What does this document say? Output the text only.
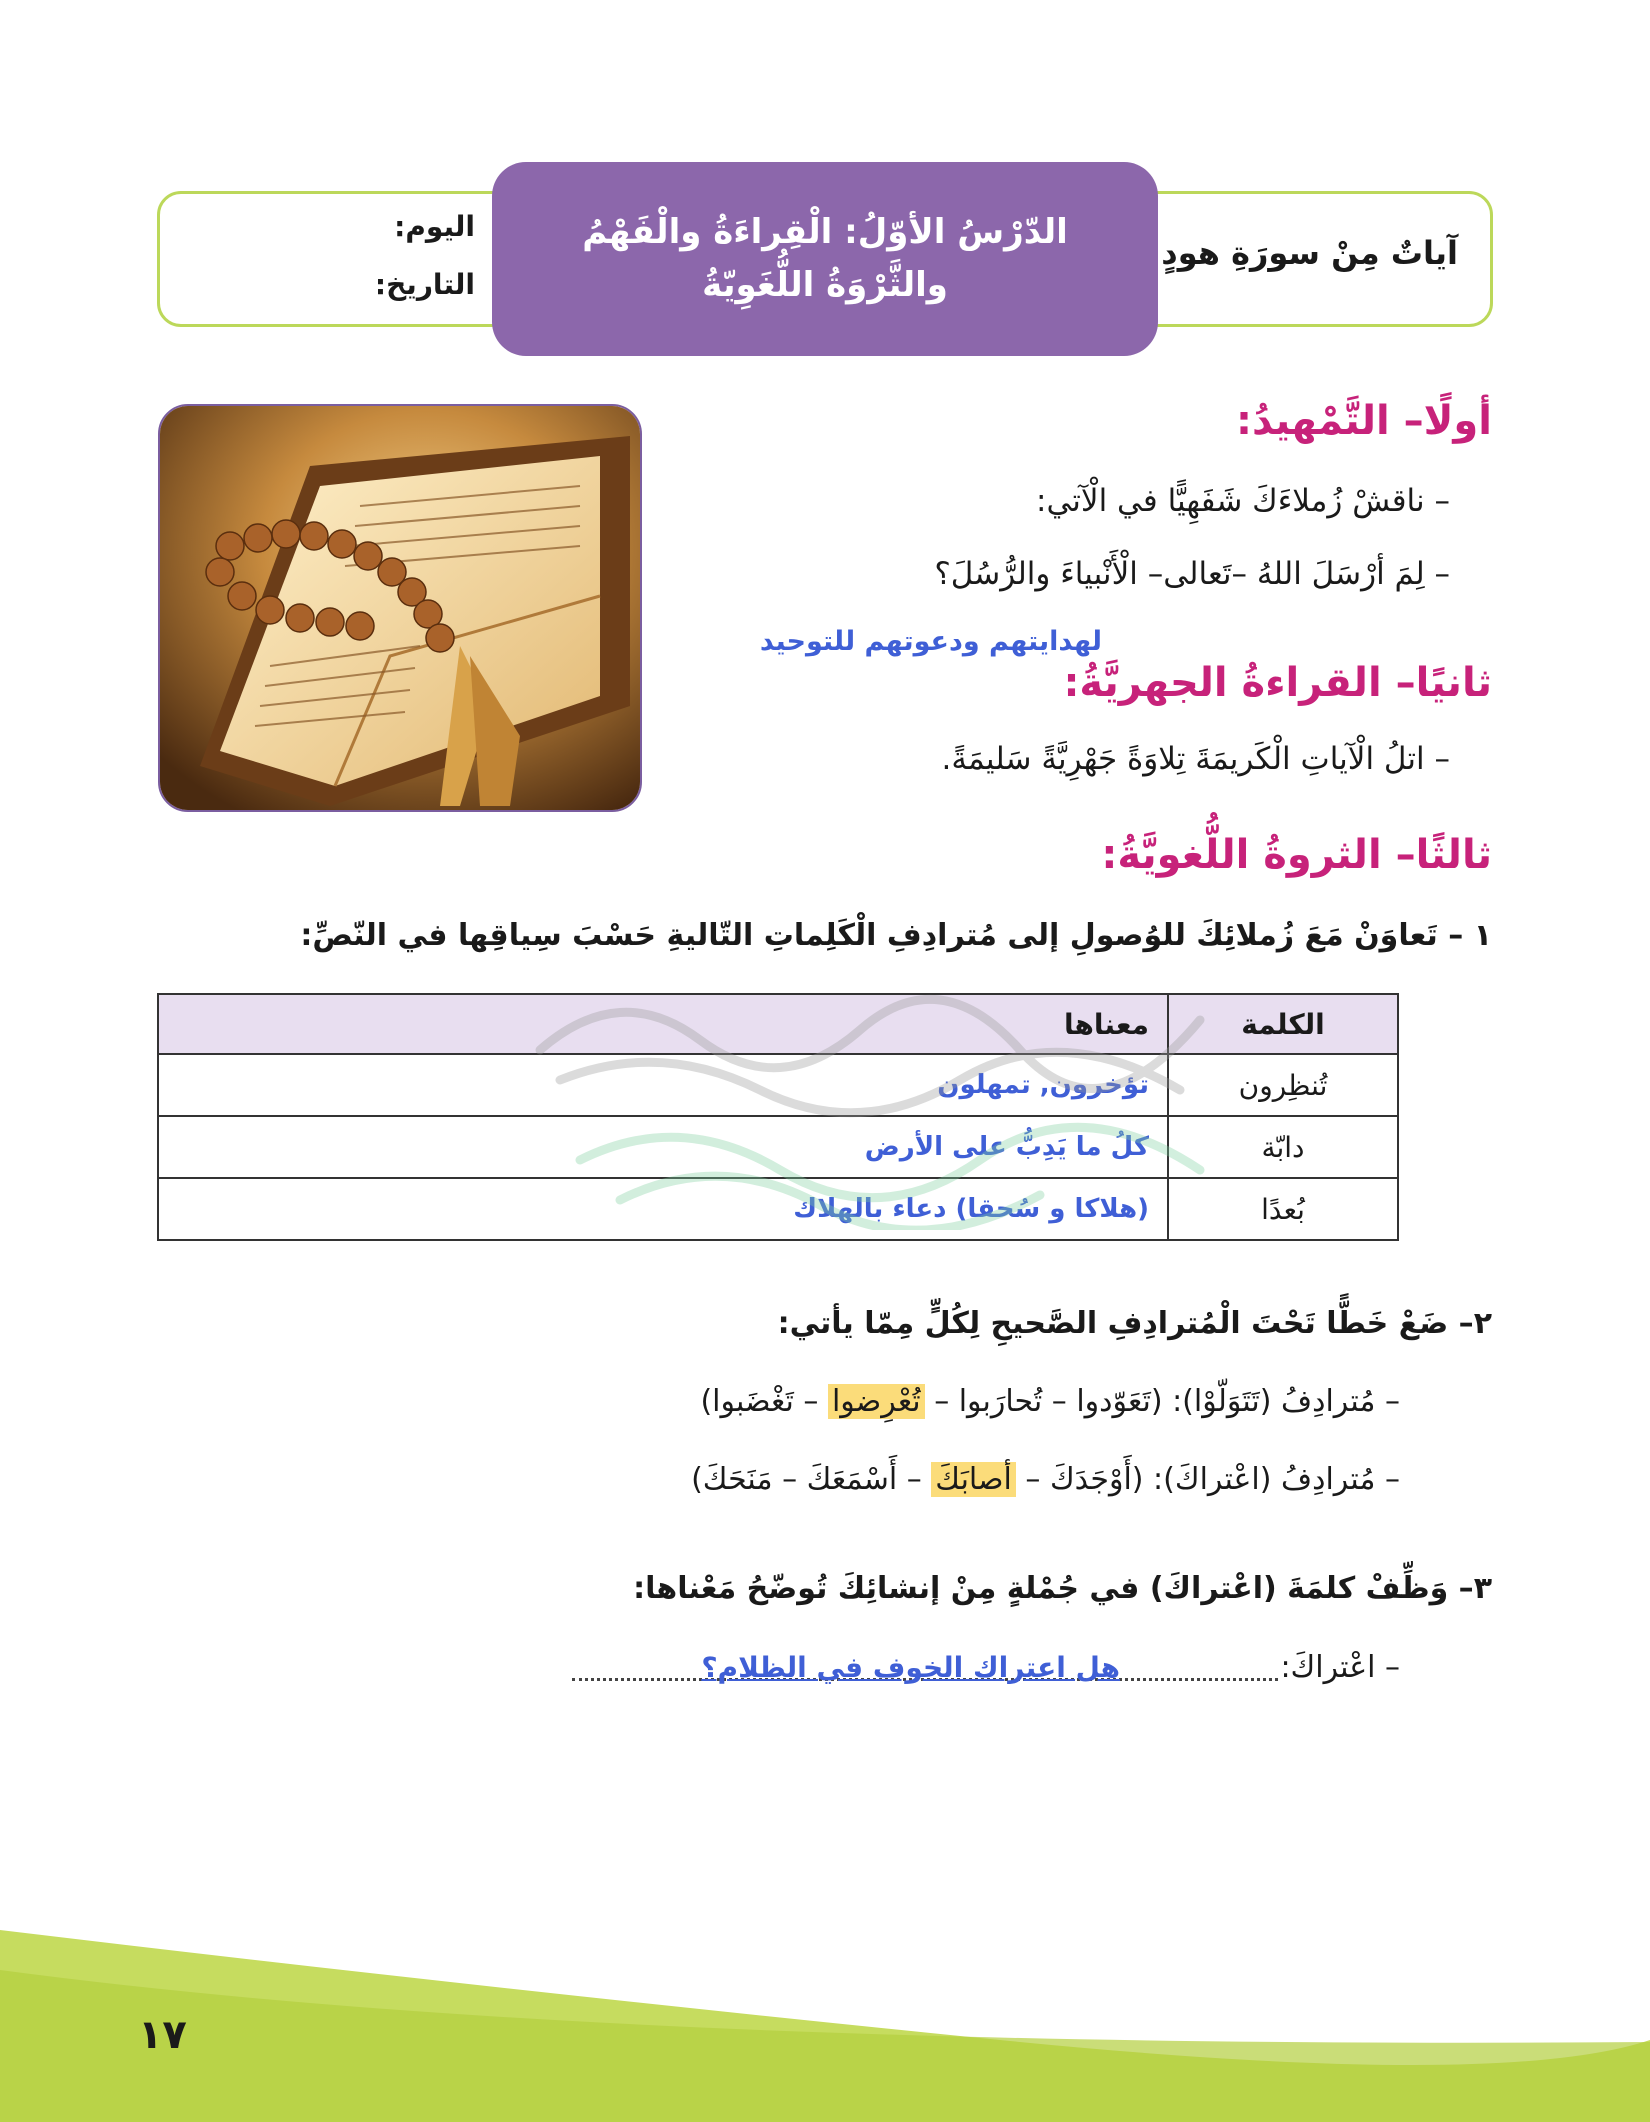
آياتٌ مِنْ سورَةِ هودٍ
الدّرْسُ الأوّلُ: الْقِراءَةُ والْفَهْمُ
والثَّرْوَةُ اللُّغَوِيّةُ
اليوم:
التاريخ:
أولًا– التَّمْهيدُ:
– ناقشْ زُملاءَكَ شَفَهِيًّا في الْآتي:
– لِمَ أرْسَلَ اللهُ –تَعالى– الْأَنْبياءَ والرُّسُلَ؟
لهدايتهم ودعوتهم للتوحيد
ثانيًا– القراءةُ الجهريَّةُ:
– اتلُ الْآياتِ الْكَريمَةَ تِلاوَةً جَهْرِيَّةً سَليمَةً.
ثالثًا– الثروةُ اللُّغويَّةُ:
١ – تَعاوَنْ مَعَ زُملائِكَ للوُصولِ إلى مُترادِفِ الْكَلِماتِ التّاليةِ حَسْبَ سِياقِها في النّصِّ:
الكلمة	معناها
تُنظِرون	تؤخرون, تمهلون
دابّة	كلُ ما يَدِبُّ على الأرض
بُعدًا	(هلاكا و سُحقا) دعاء بالهلاك
٢– ضَعْ خَطًّا تَحْتَ الْمُترادِفِ الصَّحيحِ لِكُلٍّ مِمّا يأتي:
– مُترادِفُ (تَتَوَلّوْا): (تَعَوّدوا – تُحارَبوا – تُعْرِضوا – تَغْضَبوا)
– مُترادِفُ (اعْتراكَ): (أَوْجَدَكَ – أصابَكَ – أَسْمَعَكَ – مَنَحَكَ)
٣– وَظِّفْ كلمَةَ (اعْتراكَ) في جُمْلةٍ مِنْ إنشائِكَ تُوضّحُ مَعْناها:
– اعْتراكَ:
هل اعتراك الخوف في الظلام؟
١٧
